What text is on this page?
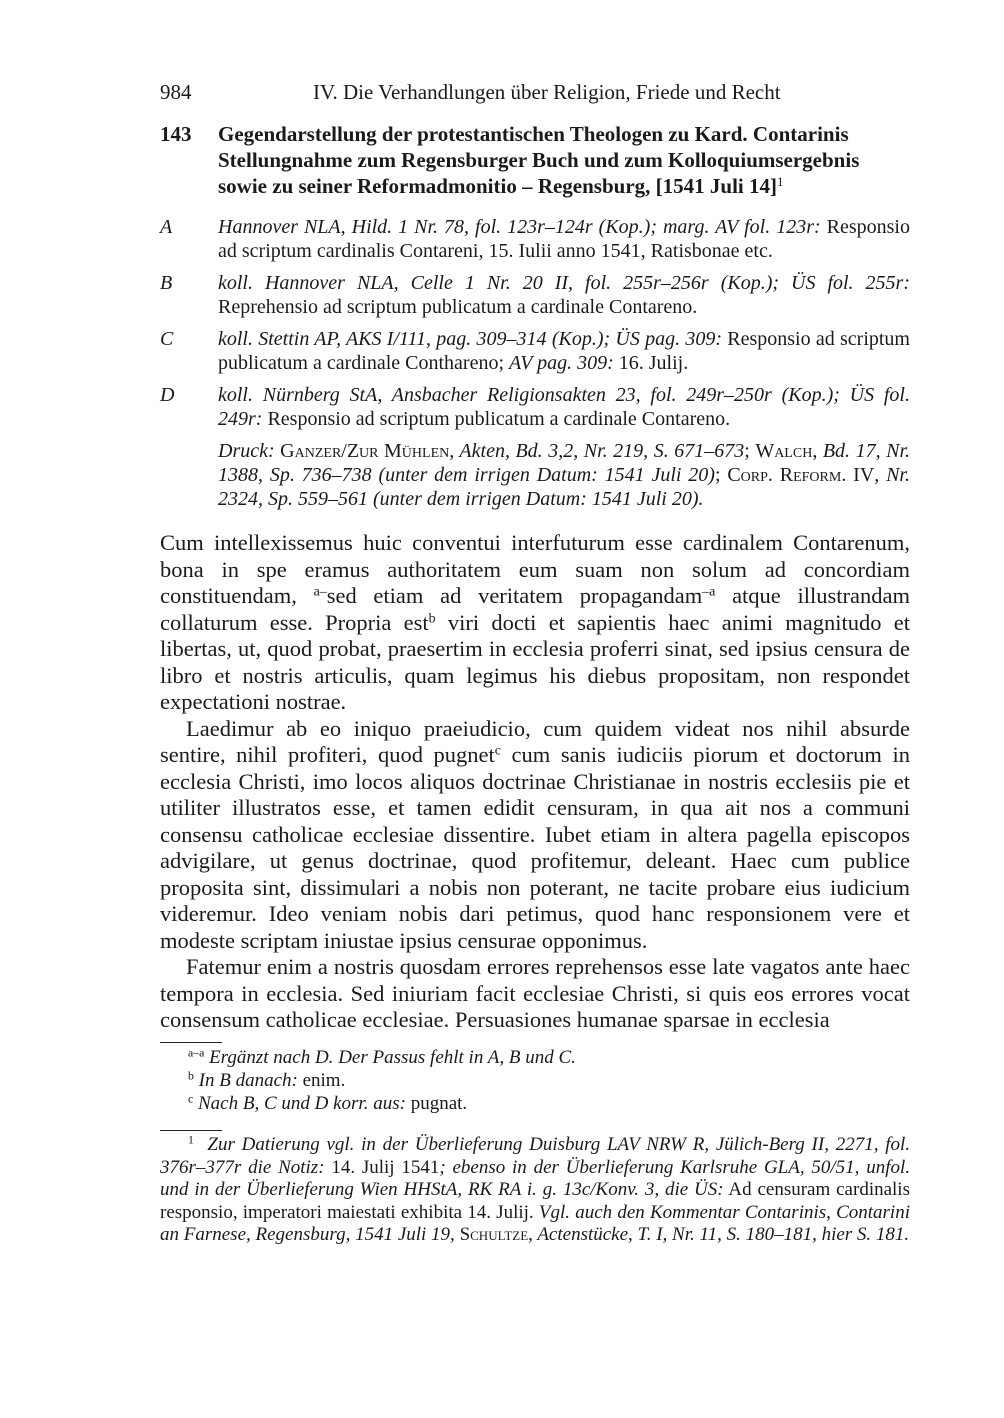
984	IV. Die Verhandlungen über Religion, Friede und Recht
143 Gegendarstellung der protestantischen Theologen zu Kard. Contarinis Stellungnahme zum Regensburger Buch und zum Kolloquiumsergebnis sowie zu seiner Reformadmonitio – Regensburg, [1541 Juli 14]$^1$
A Hannover NLA, Hild. 1 Nr. 78, fol. 123r–124r (Kop.); marg. AV fol. 123r: Responsio ad scriptum cardinalis Contareni, 15. Iulii anno 1541, Ratisbonae etc.
B koll. Hannover NLA, Celle 1 Nr. 20 II, fol. 255r–256r (Kop.); ÜS fol. 255r: Reprehensio ad scriptum publicatum a cardinale Contareno.
C koll. Stettin AP, AKS I/111, pag. 309–314 (Kop.); ÜS pag. 309: Responsio ad scriptum publicatum a cardinale Conthareno; AV pag. 309: 16. Julij.
D koll. Nürnberg StA, Ansbacher Religionsakten 23, fol. 249r–250r (Kop.); ÜS fol. 249r: Responsio ad scriptum publicatum a cardinale Contareno.
Druck: Ganzer/Zur Mühlen, Akten, Bd. 3,2, Nr. 219, S. 671–673; Walch, Bd. 17, Nr. 1388, Sp. 736–738 (unter dem irrigen Datum: 1541 Juli 20); Corp. Reform. IV, Nr. 2324, Sp. 559–561 (unter dem irrigen Datum: 1541 Juli 20).

Cum intellexissemus huic conventui interfuturum esse cardinalem Contarenum, bona in spe eramus authoritatem eum suam non solum ad concordiam constituendam, $^{a-}$sed etiam ad veritatem propagandam$^{-a}$ atque illustrandam collaturum esse. Propria est$^b$ viri docti et sapientis haec animi magnitudo et libertas, ut, quod probat, praesertim in ecclesia proferri sinat, sed ipsius censura de libro et nostris articulis, quam legimus his diebus propositam, non respondet expectationi nostrae.

Laedimur ab eo iniquo praeiudicio, cum quidem videat nos nihil absurde sentire, nihil profiteri, quod pugnet$^c$ cum sanis iudiciis piorum et doctorum in ecclesia Christi, imo locos aliquos doctrinae Christianae in nostris ecclesiis pie et utiliter illustratos esse, et tamen edidit censuram, in qua ait nos a communi consensu catholicae ecclesiae dissentire. Iubet etiam in altera pagella episcopos advigilare, ut genus doctrinae, quod profitemur, deleant. Haec cum publice proposita sint, dissimulari a nobis non poterant, ne tacite probare eius iudicium videremur. Ideo veniam nobis dari petimus, quod hanc responsionem vere et modeste scriptam iniustae ipsius censurae opponimus.

Fatemur enim a nostris quosdam errores reprehensos esse late vagatos ante haec tempora in ecclesia. Sed iniuriam facit ecclesiae Christi, si quis eos errores vocat consensum catholicae ecclesiae. Persuasiones humanae sparsae in ecclesia

$^{a-a}$ Ergänzt nach D. Der Passus fehlt in A, B und C.
$^b$ In B danach: enim.
$^c$ Nach B, C und D korr. aus: pugnat.
$^1$ Zur Datierung vgl. in der Überlieferung Duisburg LAV NRW R, Jülich-Berg II, 2271, fol. 376r–377r die Notiz: 14. Julij 1541; ebenso in der Überlieferung Karlsruhe GLA, 50/51, unfol. und in der Überlieferung Wien HHStA, RK RA i. g. 13c/Konv. 3, die ÜS: Ad censuram cardinalis responsio, imperatori maiestati exhibita 14. Julij. Vgl. auch den Kommentar Contarinis, Contarini an Farnese, Regensburg, 1541 Juli 19, Schultze, Actenstücke, T. I, Nr. 11, S. 180–181, hier S. 181.
